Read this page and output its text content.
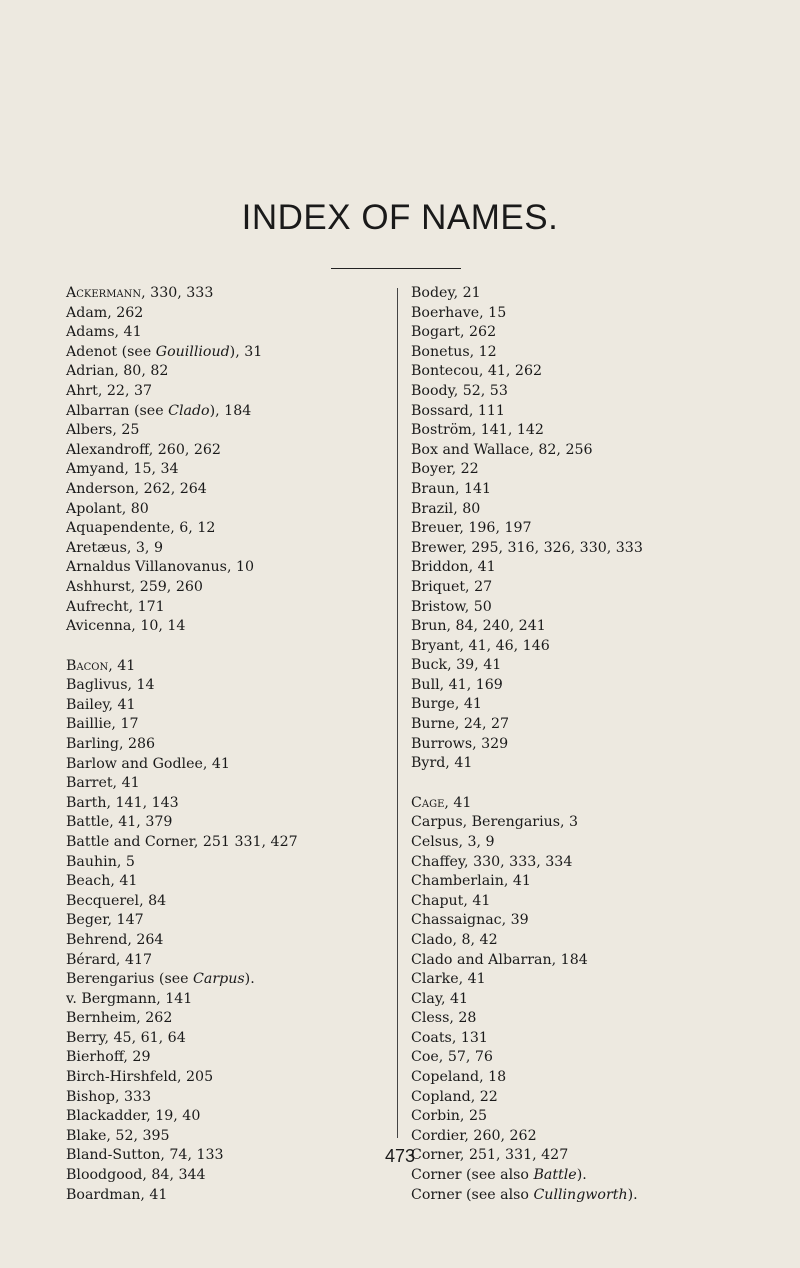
INDEX OF NAMES.
Ackermann, 330, 333
Adam, 262
Adams, 41
Adenot (see Gouillioud), 31
Adrian, 80, 82
Ahrt, 22, 37
Albarran (see Clado), 184
Albers, 25
Alexandroff, 260, 262
Amyand, 15, 34
Anderson, 262, 264
Apolant, 80
Aquapendente, 6, 12
Aretæus, 3, 9
Arnaldus Villanovanus, 10
Ashhurst, 259, 260
Aufrecht, 171
Avicenna, 10, 14
Bacon, 41
Baglivus, 14
Bailey, 41
Baillie, 17
Barling, 286
Barlow and Godlee, 41
Barret, 41
Barth, 141, 143
Battle, 41, 379
Battle and Corner, 251 331, 427
Bauhin, 5
Beach, 41
Becquerel, 84
Beger, 147
Behrend, 264
Bérard, 417
Berengarius (see Carpus).
v. Bergmann, 141
Bernheim, 262
Berry, 45, 61, 64
Bierhoff, 29
Birch-Hirshfeld, 205
Bishop, 333
Blackadder, 19, 40
Blake, 52, 395
Bland-Sutton, 74, 133
Bloodgood, 84, 344
Boardman, 41
Bodey, 21
Boerhave, 15
Bogart, 262
Bonetus, 12
Bontecou, 41, 262
Boody, 52, 53
Bossard, 111
Boström, 141, 142
Box and Wallace, 82, 256
Boyer, 22
Braun, 141
Brazil, 80
Breuer, 196, 197
Brewer, 295, 316, 326, 330, 333
Briddon, 41
Briquet, 27
Bristow, 50
Brun, 84, 240, 241
Bryant, 41, 46, 146
Buck, 39, 41
Bull, 41, 169
Burge, 41
Burne, 24, 27
Burrows, 329
Byrd, 41
Cage, 41
Carpus, Berengarius, 3
Celsus, 3, 9
Chaffey, 330, 333, 334
Chamberlain, 41
Chaput, 41
Chassaignac, 39
Clado, 8, 42
Clado and Albarran, 184
Clarke, 41
Clay, 41
Cless, 28
Coats, 131
Coe, 57, 76
Copeland, 18
Copland, 22
Corbin, 25
Cordier, 260, 262
Corner, 251, 331, 427
Corner (see also Battle).
Corner (see also Cullingworth).
473
